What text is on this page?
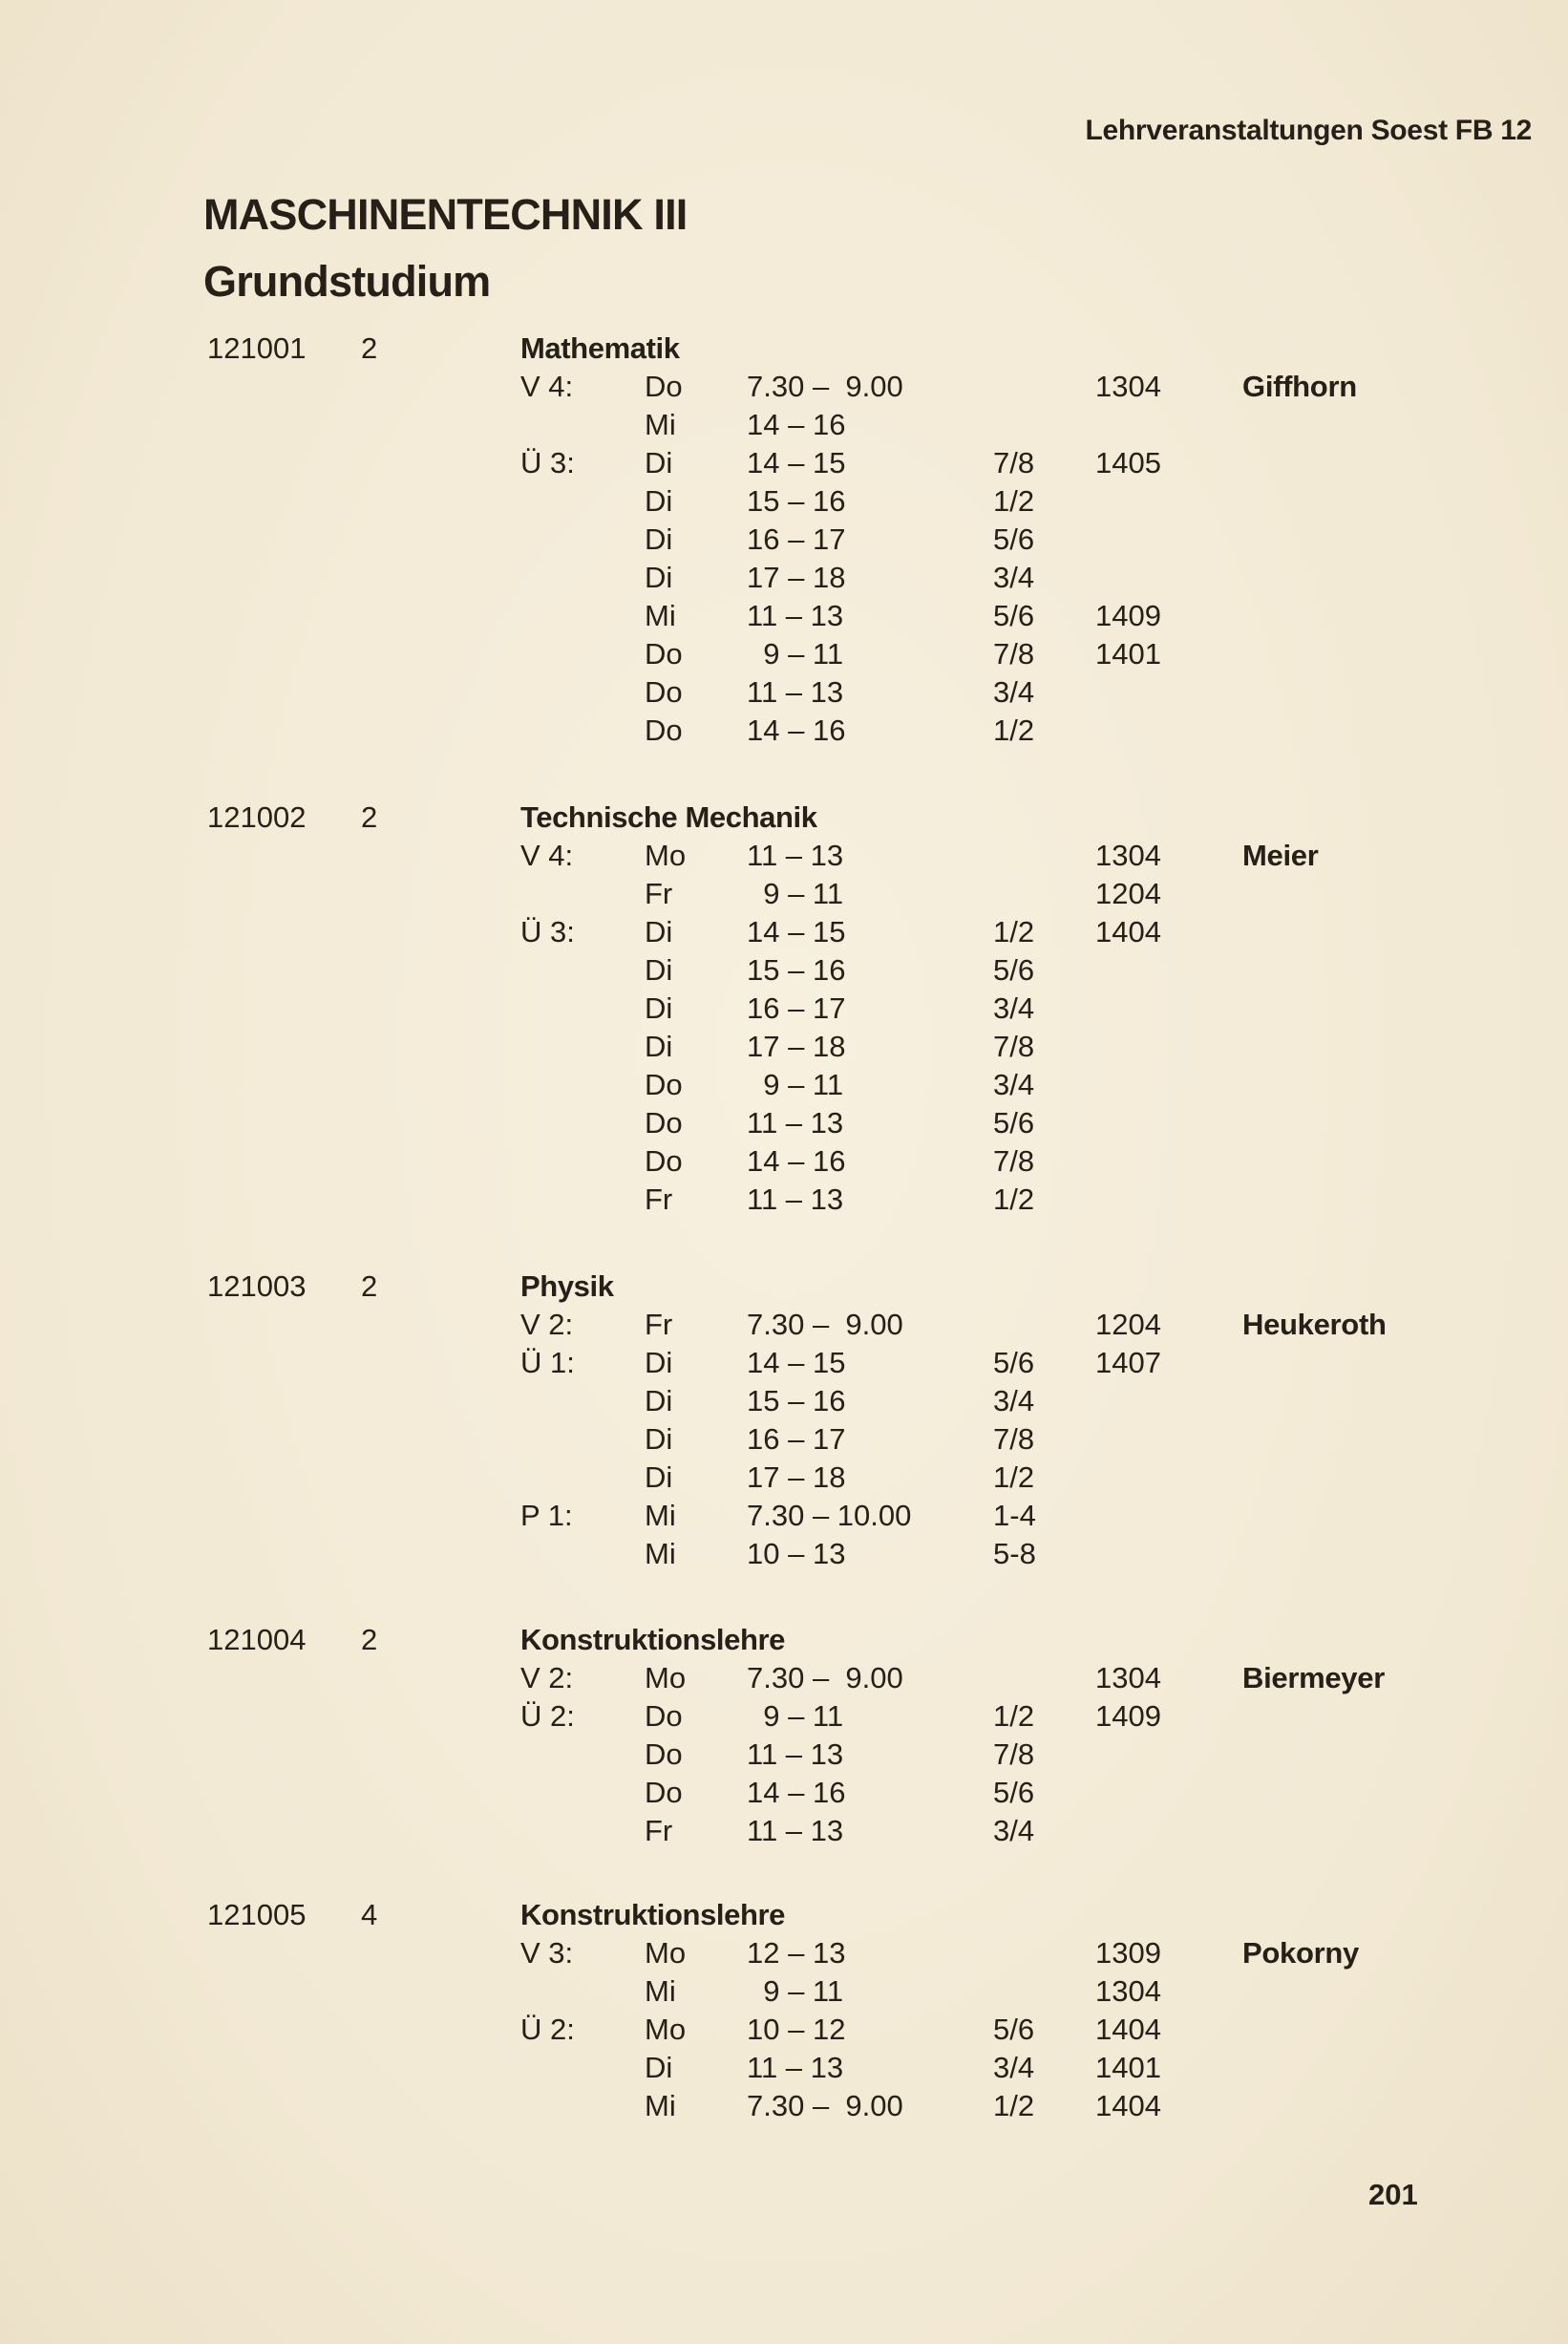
Lehrveranstaltungen Soest FB 12
MASCHINENTECHNIK III
Grundstudium
121001 2	Mathematik
V 4: Do 7.30 –  9.00	1304	Giffhorn
Mi 14 – 16
Ü 3: Di	14 – 15	7/8 1405
Di	15 – 16	1/2
Di	16 – 17	5/6
Di	17 – 18	3/4
Mi 11 – 13	5/6 1409
Do 9 – 11	7/8 1401
Do 11 – 13	3/4
Do 14 – 16	1/2
121002 2	Technische Mechanik
V 4: Mo 11 – 13	1304	Meier
Fr	9 – 11	1204
Ü 3: Di	14 – 15	1/2 1404
Di	15 – 16	5/6
Di	16 – 17	3/4
Di	17 – 18	7/8
Do 9 – 11	3/4
Do 11 – 13	5/6
Do 14 – 16	7/8
Fr	11 – 13	1/2
121003 2	Physik
V 2: Fr	7.30 –  9.00	1204	Heukeroth
Ü 1: Di	14 – 15	5/6 1407
Di	15 – 16	3/4
Di	16 – 17	7/8
Di	17 – 18	1/2
P 1: Mi 7.30 – 10.00	1-4
Mi 10 – 13	5-8
121004 2	Konstruktionslehre
V 2: Mo 7.30 –  9.00	1304	Biermeyer
Ü 2: Do 9 – 11	1/2 1409
Do 11 – 13	7/8
Do 14 – 16	5/6
Fr	11 – 13	3/4
121005 4	Konstruktionslehre
V 3: Mo 12 – 13	1309	Pokorny
Mi 9 – 11	1304
Ü 2: Mo 10 – 12	5/6 1404
Di	11 – 13	3/4 1401
Mi 7.30 –  9.00	1/2 1404
201
